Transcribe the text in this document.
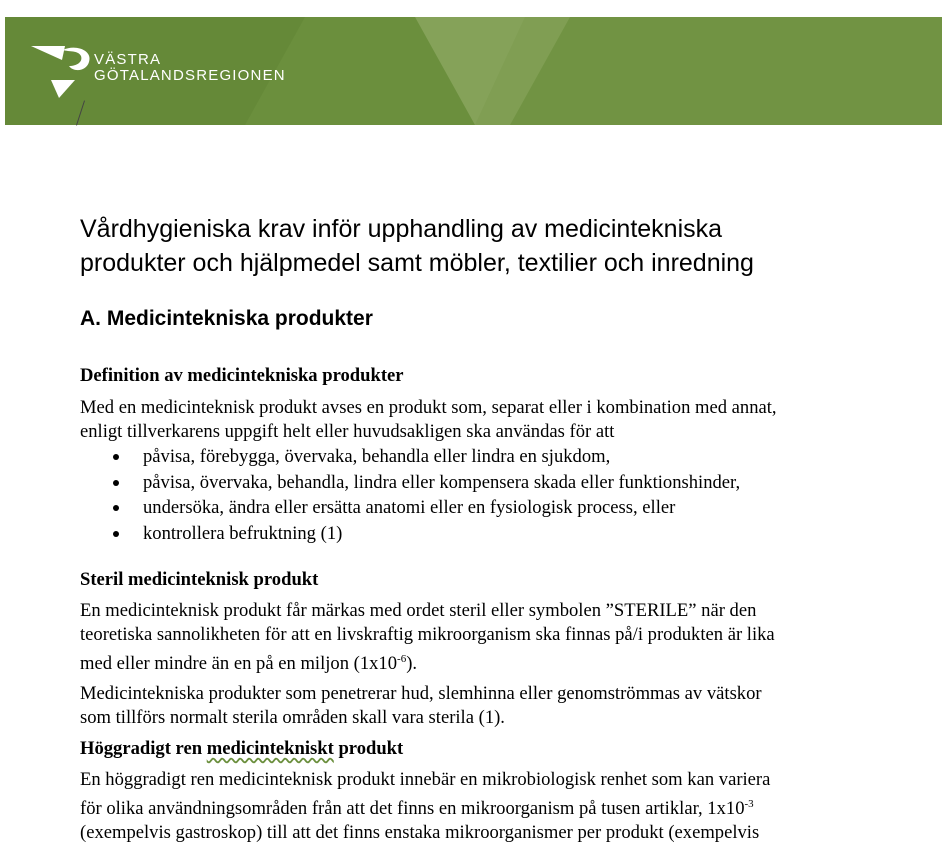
VÄSTRA
GÖTALANDSREGIONEN
Vårdhygieniska krav inför upphandling av medicintekniska
produkter och hjälpmedel samt möbler, textilier och inredning
A. Medicintekniska produkter
Definition av medicintekniska produkter

Med en medicinteknisk produkt avses en produkt som, separat eller i kombination med annat,
enligt tillverkarens uppgift helt eller huvudsakligen ska användas för att

påvisa, förebygga, övervaka, behandla eller lindra en sjukdom,
påvisa, övervaka, behandla, lindra eller kompensera skada eller funktionshinder,
undersöka, ändra eller ersätta anatomi eller en fysiologisk process, eller
kontrollera befruktning (1)
Steril medicinteknisk produkt

En medicinteknisk produkt får märkas med ordet steril eller symbolen ”STERILE” när den
teoretiska sannolikheten för att en livskraftig mikroorganism ska finnas på/i produkten är lika
med eller mindre än en på en miljon $(1x10^{-6})$.

Medicintekniska produkter som penetrerar hud, slemhinna eller genomströmmas av vätskor
som tillförs normalt sterila områden skall vara sterila (1).

Höggradigt ren medicintekniskt produkt

En höggradigt ren medicinteknisk produkt innebär en mikrobiologisk renhet som kan variera
för olika användningsområden från att det finns en mikroorganism på tusen artiklar, $1x10^{-3}$
(exempelvis gastroskop) till att det finns enstaka mikroorganismer per produkt (exempelvis
